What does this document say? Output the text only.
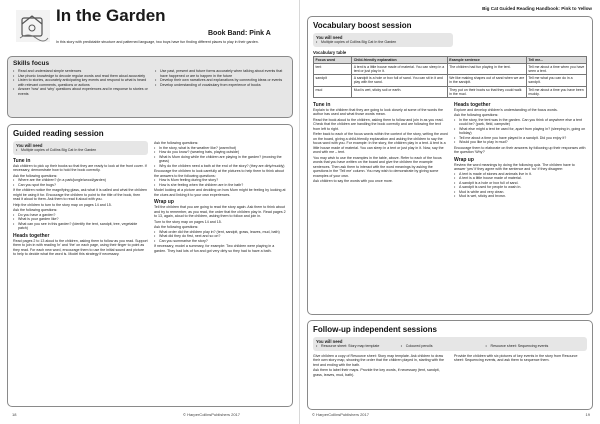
In the Garden
Book Band: Pink A
In this story with predictable structure and patterned language, two boys have fun finding different places to play in their garden.
Skills focus
• Read and understand simple sentences
• Use phonic knowledge to decode regular words and read them aloud accurately
• Listen to stories, accurately anticipating key events and respond to what is heard with relevant comments, questions or actions
• Answer 'how' and 'why' questions about experiences and in response to stories or events
• Use past, present and future forms accurately when talking about events that have happened or are to happen in the future
• Develop their own narratives and explanations by connecting ideas or events
• Develop understanding of vocabulary from experience of books
Guided reading session
You will need
• Multiple copies of Collins Big Cat In the Garden
Tune in

Ask children to pick up their books so that they are ready to look at the front cover. If necessary, demonstrate how to hold the book correctly.

Ask the following questions:

• Where are the children? (in a park/jungle/wood/garden)
• Can you spot the bugs?

If the children notice the magnifying glass, ask what it is called and what the children might be using it for. Encourage the children to point to the title of the book, then read it aloud to them. Ask them to read it aloud with you.

Help the children to turn to the story map on pages 14 and 15.

Ask the following questions:

• Do you have a garden?
• What is your garden like?
• What can you see in this garden? (identify the tent, sandpit, tree, vegetable patch)
Heads together

Read pages 2 to 13 aloud to the children, asking them to follow as you read. Support them to join in with reading 'in' and 'the' on each page, using their finger to point as they read. For each new word, encourage them to use the initial sound and picture to help to decide what the word is. Model this strategy if necessary.

Ask the following questions:

• In the story, what is the weather like? (warm/hot)
• How do you know? (wearing hats, playing outside)
• What is Mum doing while the children are playing in the garden? (mowing the grass)
• Why do the children need a bath at the end of the story? (they are dirty/muddy)

Encourage the children to look carefully at the pictures to help them to think about the answers to the following questions:

• How is Mum feeling during the story?
• How is she feeling when the children are in the bath?

Model looking at a picture and deciding on how Mum might be feeling by looking at the clues and linking it to your own experiences.

Wrap up

Tell the children that you are going to read the story again. Ask them to think about and try to remember, as you read, the order that the children play in. Read pages 2 to 13, again, aloud to the children, asking them to follow and join in.

Turn to the story map on pages 14 and 15.

Ask the following questions:

• What order did the children play in? (tent, sandpit, grass, leaves, mud, bath)
• What did they do first, next and so on?
• Can you summarise the story?

If necessary, model a summary, for example: Two children were playing in a garden. They had lots of fun and got very dirty so they had to have a bath.

18	© HarperCollinsPublishers 2017
Big Cat Guided Reading Handbook: Pink to Yellow
Vocabulary boost session
You will need
• Multiple copies of Collins Big Cat In the Garden
Vocabulary table
Focus word	Child-friendly explanation	Example sentence	Tell me...
tent	A tent is a little house made of material. You can sleep in a tent or just play in it.	The children had fun playing in the tent.	Tell me about a time when you have seen a tent.
sandpit	A sandpit is a hole or box full of sand. You can sit in it and play with the sand.	We like making shapes out of sand when we are in the sandpit.	Tell me what you can do in a sandpit.
mud	Mud is wet, sticky soil or earth.	They put on their boots so that they could walk in the mud.	Tell me about a time you have been muddy.
Tune in

Explain to the children that they are going to look closely at some of the words the author has used and what those words mean.

Read the book aloud to the children, asking them to follow and join in as you read. Check that the children are handling the book correctly and are following the text from left to right.

Refer back to each of the focus words within the context of the story, writing the word on the board, giving a child-friendly explanation and asking the children to say the focus word with you. For example: In the story, the children play in a tent. A tent is a little house made of material. You can sleep in a tent or just play in it. Now, say the word with me – tent.

You may wish to use the examples in the table, above. Refer to each of the focus words that you have written on the board and give the children the example sentences. Then ask them to interact with the word meanings by asking the questions in the 'Tell me' column. You may wish to demonstrate by giving some examples of your own.

Ask children to say the words with you once more.

Heads together

Explore and develop children's understanding of the focus words.

Ask the following questions:

• In the story, the tent was in the garden. Can you think of anywhere else a tent could be? (park, field, campsite)
• What else might a tent be used for, apart from playing in? (sleeping in, going on holiday)
• Tell me about a time you have played in a sandpit. Did you enjoy it?
• Would you like to play in mud?

Encourage them to elaborate on their answers by following up their responses with the question 'Why?'

Wrap up

Review the word meanings by doing the following quiz. The children have to answer 'yes' if they agree with the sentence and 'no' if they disagree:

• A tent is made of stones and animals live in it.
• A tent is a little house made of material.
• A sandpit is a hole or box full of sand.
• A sandpit is used for people to wash in.
• Mud is white and very clean.
• Mud is wet, sticky and brown.
Follow-up independent sessions
You will need
• Resource sheet: Story map template	• Coloured pencils	• Resource sheet: Sequencing events

Give children a copy of Resource sheet: Story map template. Ask children to draw their own story map, showing the order that the children played in, starting with the tent and ending with the bath.

Ask them to label their maps. Provide the key words, if necessary (tent, sandpit, grass, leaves, mud, bath).

Provide the children with six pictures of key events in the story from Resource sheet: Sequencing events, and ask them to sequence them.

© HarperCollinsPublishers 2017	19
